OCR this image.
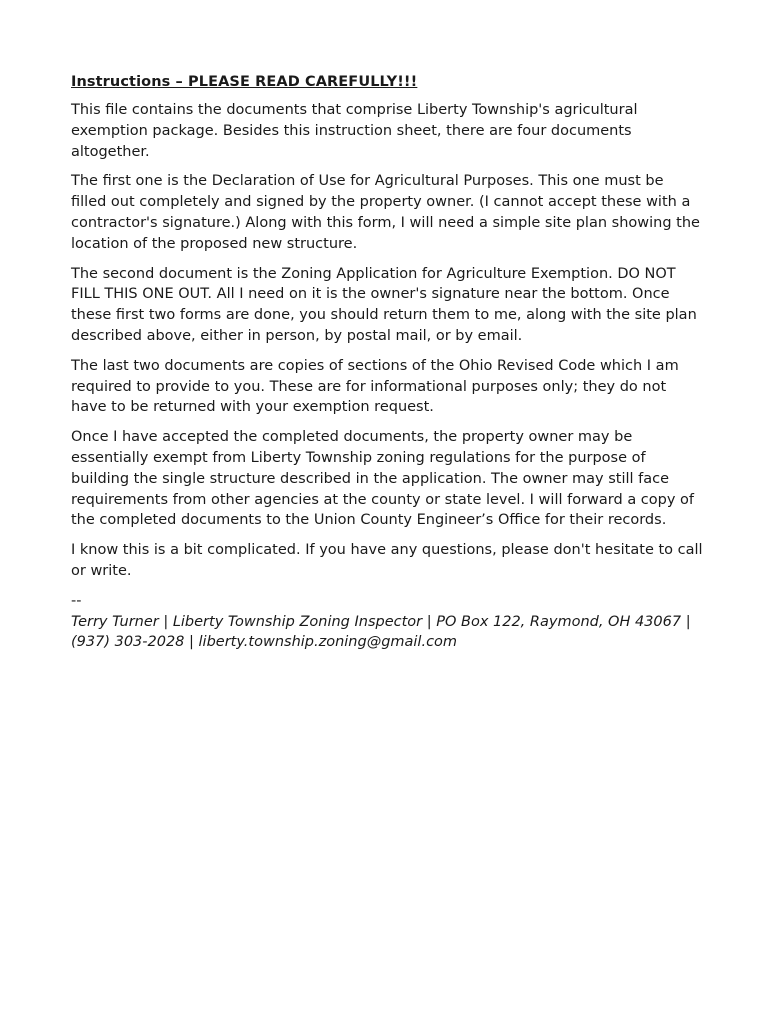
Instructions – PLEASE READ CAREFULLY!!!

This file contains the documents that comprise Liberty Township's agricultural exemption package. Besides this instruction sheet, there are four documents altogether.

The first one is the Declaration of Use for Agricultural Purposes. This one must be filled out completely and signed by the property owner. (I cannot accept these with a contractor's signature.) Along with this form, I will need a simple site plan showing the location of the proposed new structure.

The second document is the Zoning Application for Agriculture Exemption. DO NOT FILL THIS ONE OUT. All I need on it is the owner's signature near the bottom. Once these first two forms are done, you should return them to me, along with the site plan described above, either in person, by postal mail, or by email.

The last two documents are copies of sections of the Ohio Revised Code which I am required to provide to you. These are for informational purposes only; they do not have to be returned with your exemption request.

Once I have accepted the completed documents, the property owner may be essentially exempt from Liberty Township zoning regulations for the purpose of building the single structure described in the application. The owner may still face requirements from other agencies at the county or state level. I will forward a copy of the completed documents to the Union County Engineer’s Office for their records.

I know this is a bit complicated. If you have any questions, please don't hesitate to call or write.

--

Terry Turner | Liberty Township Zoning Inspector | PO Box 122, Raymond, OH 43067 | (937) 303-2028 | liberty.township.zoning@gmail.com
